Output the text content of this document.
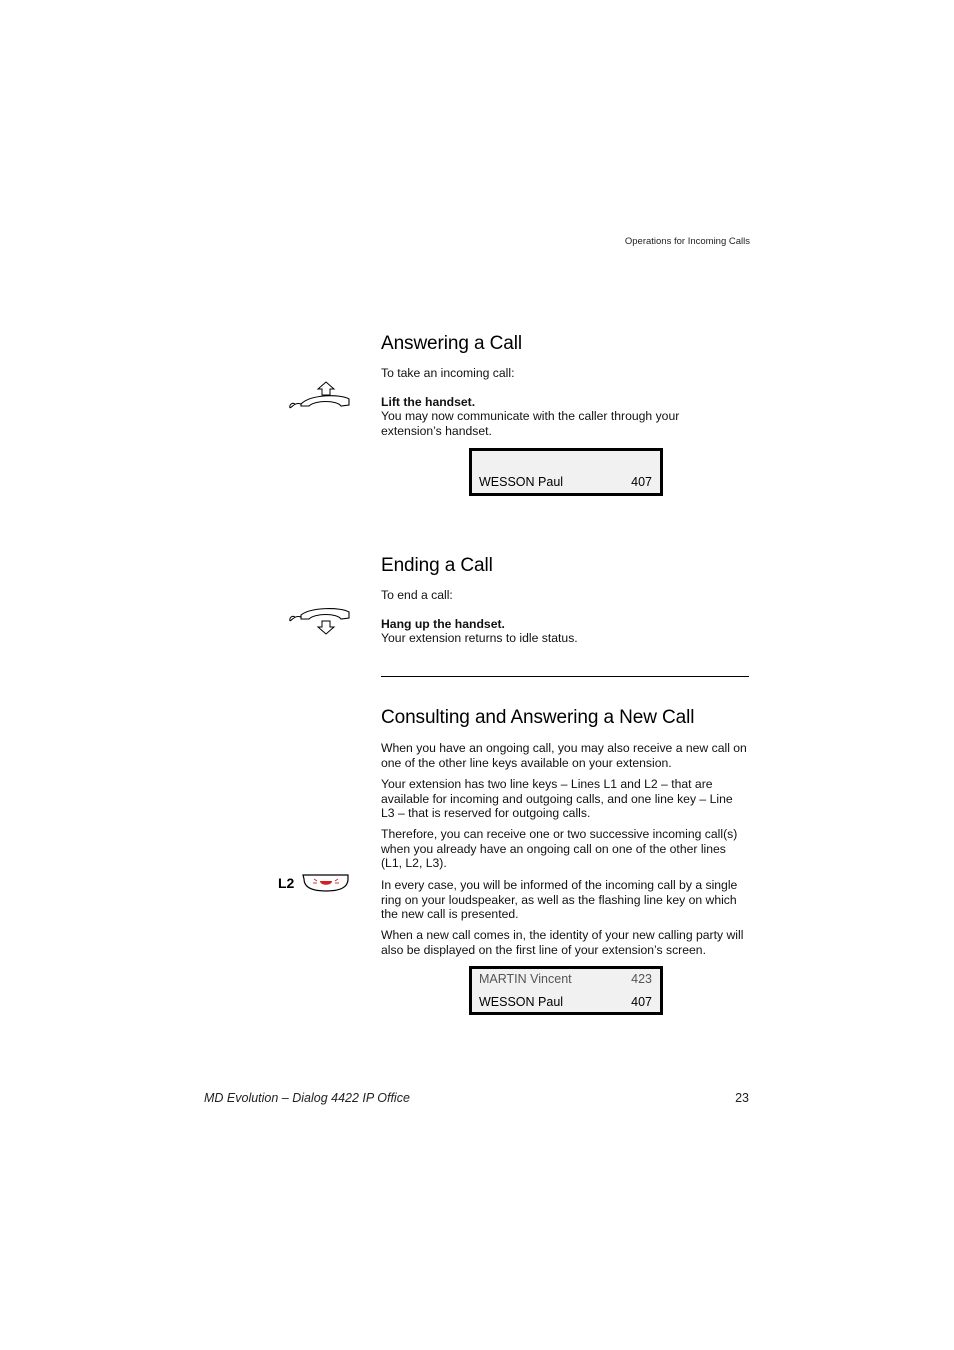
Operations for Incoming Calls
Answering a Call
To take an incoming call:
Lift the handset.
You may now communicate with the caller through your extension’s handset.
WESSON Paul	407
Ending a Call
To end a call:
Hang up the handset.
Your extension returns to idle status.
Consulting and Answering a New Call
When you have an ongoing call, you may also receive a new call on one of the other line keys available on your extension.
Your extension has two line keys – Lines L1 and L2 – that are available for incoming and outgoing calls, and one line key – Line L3 – that is reserved for outgoing calls.
Therefore, you can receive one or two successive incoming call(s) when you already have an ongoing call on one of the other lines (L1, L2, L3).
L2	In every case, you will be informed of the incoming call by a single ring on your loudspeaker, as well as the flashing line key on which the new call is presented.
When a new call comes in, the identity of your new calling party will also be displayed on the first line of your extension’s screen.
MARTIN Vincent	423
WESSON Paul	407
MD Evolution – Dialog 4422 IP Office	23
